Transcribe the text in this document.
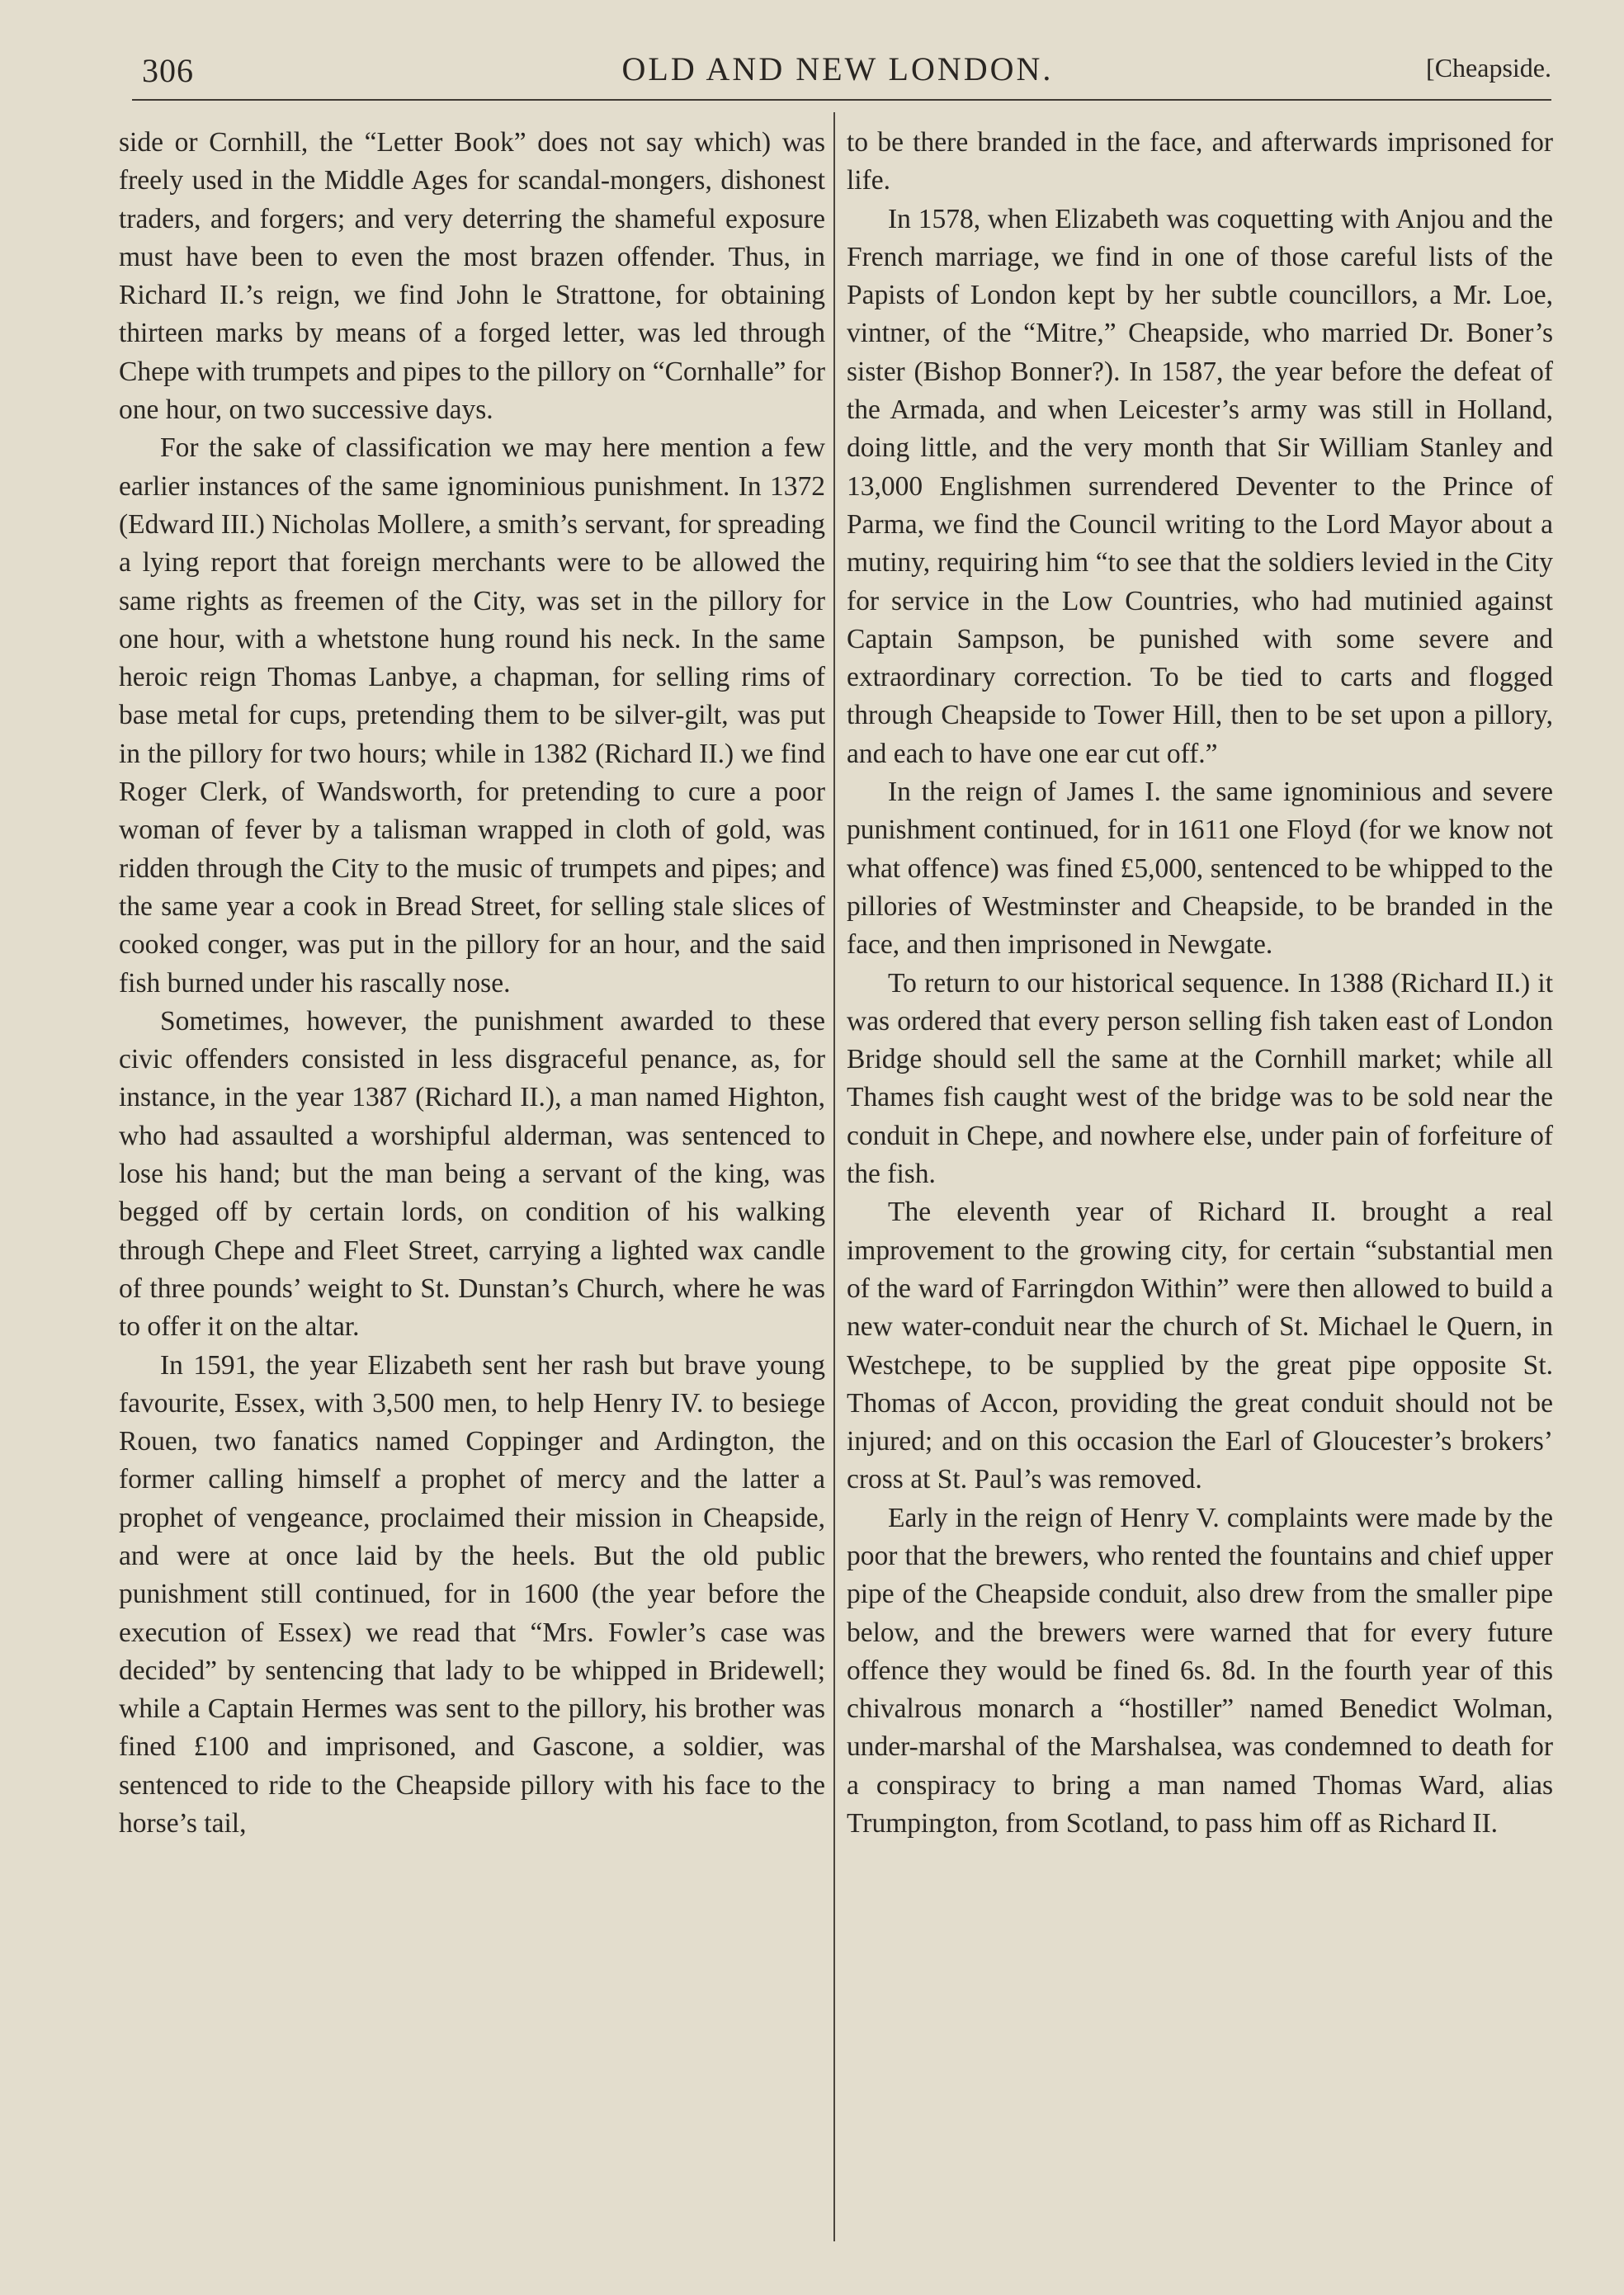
306	OLD AND NEW LONDON.	[Cheapside.

side or Cornhill, the “Letter Book” does not say which) was freely used in the Middle Ages for scandal-mongers, dishonest traders, and forgers; and very deterring the shameful exposure must have been to even the most brazen offender. Thus, in Richard II.’s reign, we find John le Strattone, for obtaining thirteen marks by means of a forged letter, was led through Chepe with trumpets and pipes to the pillory on “Cornhalle” for one hour, on two successive days.

For the sake of classification we may here mention a few earlier instances of the same ignominious punishment. In 1372 (Edward III.) Nicholas Mollere, a smith’s servant, for spreading a lying report that foreign merchants were to be allowed the same rights as freemen of the City, was set in the pillory for one hour, with a whetstone hung round his neck. In the same heroic reign Thomas Lanbye, a chapman, for selling rims of base metal for cups, pretending them to be silver-gilt, was put in the pillory for two hours; while in 1382 (Richard II.) we find Roger Clerk, of Wandsworth, for pretending to cure a poor woman of fever by a talisman wrapped in cloth of gold, was ridden through the City to the music of trumpets and pipes; and the same year a cook in Bread Street, for selling stale slices of cooked conger, was put in the pillory for an hour, and the said fish burned under his rascally nose.

Sometimes, however, the punishment awarded to these civic offenders consisted in less disgraceful penance, as, for instance, in the year 1387 (Richard II.), a man named Highton, who had assaulted a worshipful alderman, was sentenced to lose his hand; but the man being a servant of the king, was begged off by certain lords, on condition of his walking through Chepe and Fleet Street, carrying a lighted wax candle of three pounds’ weight to St. Dunstan’s Church, where he was to offer it on the altar.

In 1591, the year Elizabeth sent her rash but brave young favourite, Essex, with 3,500 men, to help Henry IV. to besiege Rouen, two fanatics named Coppinger and Ardington, the former calling himself a prophet of mercy and the latter a prophet of vengeance, proclaimed their mission in Cheapside, and were at once laid by the heels. But the old public punishment still continued, for in 1600 (the year before the execution of Essex) we read that “Mrs. Fowler’s case was decided” by sentencing that lady to be whipped in Bridewell; while a Captain Hermes was sent to the pillory, his brother was fined £100 and imprisoned, and Gascone, a soldier, was sentenced to ride to the Cheapside pillory with his face to the horse’s tail,

to be there branded in the face, and afterwards imprisoned for life.

In 1578, when Elizabeth was coquetting with Anjou and the French marriage, we find in one of those careful lists of the Papists of London kept by her subtle councillors, a Mr. Loe, vintner, of the “Mitre,” Cheapside, who married Dr. Boner’s sister (Bishop Bonner?). In 1587, the year before the defeat of the Armada, and when Leicester’s army was still in Holland, doing little, and the very month that Sir William Stanley and 13,000 Englishmen surrendered Deventer to the Prince of Parma, we find the Council writing to the Lord Mayor about a mutiny, requiring him “to see that the soldiers levied in the City for service in the Low Countries, who had mutinied against Captain Sampson, be punished with some severe and extraordinary correction. To be tied to carts and flogged through Cheapside to Tower Hill, then to be set upon a pillory, and each to have one ear cut off.”

In the reign of James I. the same ignominious and severe punishment continued, for in 1611 one Floyd (for we know not what offence) was fined £5,000, sentenced to be whipped to the pillories of Westminster and Cheapside, to be branded in the face, and then imprisoned in Newgate.

To return to our historical sequence. In 1388 (Richard II.) it was ordered that every person selling fish taken east of London Bridge should sell the same at the Cornhill market; while all Thames fish caught west of the bridge was to be sold near the conduit in Chepe, and nowhere else, under pain of forfeiture of the fish.

The eleventh year of Richard II. brought a real improvement to the growing city, for certain “substantial men of the ward of Farringdon Within” were then allowed to build a new water-conduit near the church of St. Michael le Quern, in Westchepe, to be supplied by the great pipe opposite St. Thomas of Accon, providing the great conduit should not be injured; and on this occasion the Earl of Gloucester’s brokers’ cross at St. Paul’s was removed.

Early in the reign of Henry V. complaints were made by the poor that the brewers, who rented the fountains and chief upper pipe of the Cheapside conduit, also drew from the smaller pipe below, and the brewers were warned that for every future offence they would be fined 6s. 8d. In the fourth year of this chivalrous monarch a “hostiller” named Benedict Wolman, under-marshal of the Marshalsea, was condemned to death for a conspiracy to bring a man named Thomas Ward, alias Trumpington, from Scotland, to pass him off as Richard II.
